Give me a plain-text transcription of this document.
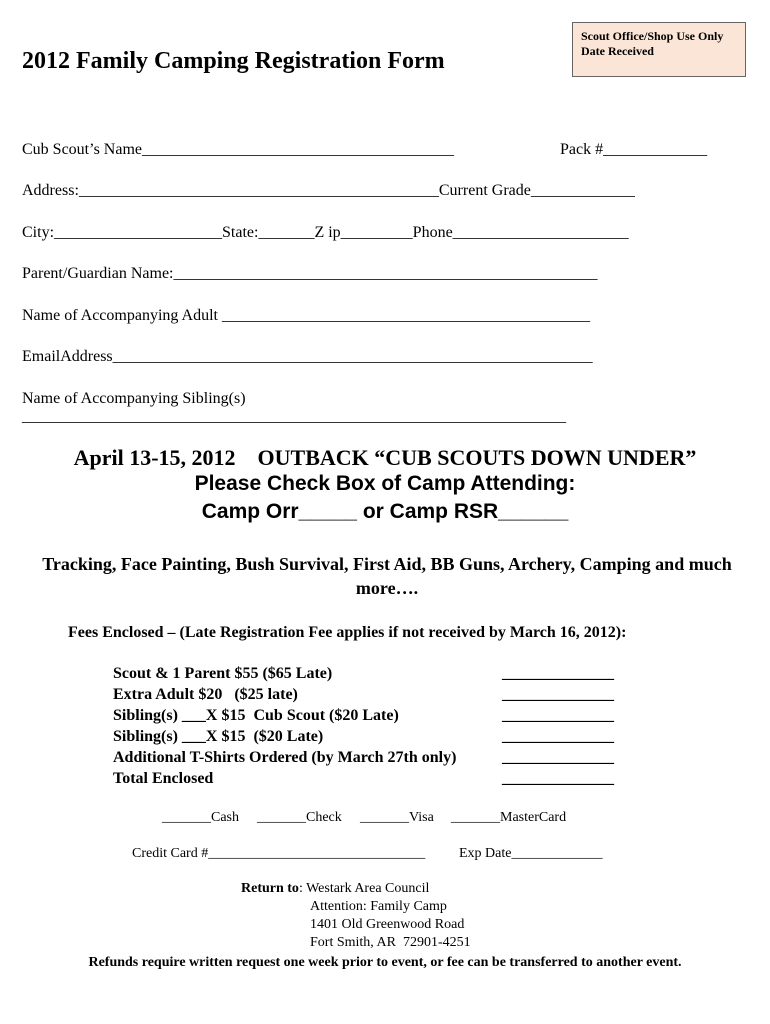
Scout Office/Shop Use Only
Date Received
2012 Family Camping Registration Form
Cub Scout’s Name_______________________________________	Pack #_____________
Address:_____________________________________________Current Grade_____________
City:_____________________State:_______Z ip_________Phone______________________
Parent/Guardian Name:_____________________________________________________
Name of Accompanying Adult ______________________________________________
EmailAddress____________________________________________________________
Name of Accompanying Sibling(s)
____________________________________________________________________
April 13-15, 2012    OUTBACK “CUB SCOUTS DOWN UNDER”
Please Check Box of Camp Attending:
Camp Orr_____ or Camp RSR______
Tracking, Face Painting, Bush Survival, First Aid, BB Guns, Archery, Camping and much more….
Fees Enclosed – (Late Registration Fee applies if not received by March 16, 2012):
Scout & 1 Parent $55 ($65 Late)	______________
Extra Adult $20   ($25 late)	______________
Sibling(s) ___X $15  Cub Scout ($20 Late)	______________
Sibling(s) ___X $15  ($20 Late)	______________
Additional T-Shirts Ordered (by March 27th only)	______________
Total Enclosed	______________
_______Cash _______Check _______Visa _______MasterCard
Credit Card #_______________________________ Exp Date_____________
Return to: Westark Area Council
Attention: Family Camp
1401 Old Greenwood Road
Fort Smith, AR  72901-4251
Refunds require written request one week prior to event, or fee can be transferred to another event.
